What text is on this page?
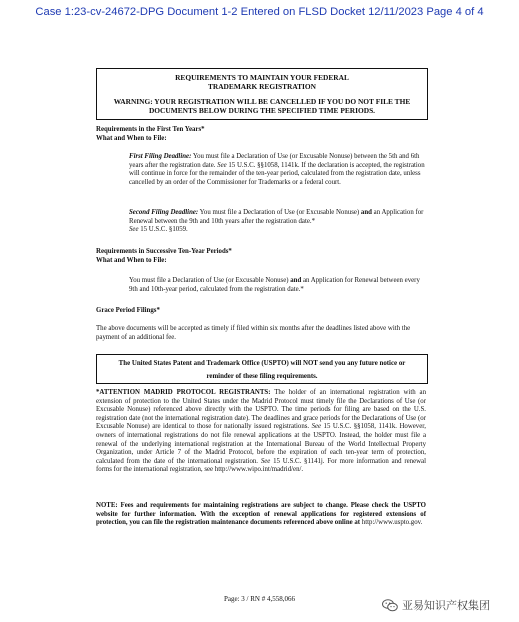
Case 1:23-cv-24672-DPG Document 1-2 Entered on FLSD Docket 12/11/2023 Page 4 of 4
REQUIREMENTS TO MAINTAIN YOUR FEDERAL
TRADEMARK REGISTRATION
WARNING: YOUR REGISTRATION WILL BE CANCELLED IF YOU DO NOT FILE THE
DOCUMENTS BELOW DURING THE SPECIFIED TIME PERIODS.
Requirements in the First Ten Years*
What and When to File:
First Filing Deadline: You must file a Declaration of Use (or Excusable Nonuse) between the 5th and 6th years after the registration date. See 15 U.S.C. §§1058, 1141k. If the declaration is accepted, the registration will continue in force for the remainder of the ten-year period, calculated from the registration date, unless cancelled by an order of the Commissioner for Trademarks or a federal court.
Second Filing Deadline: You must file a Declaration of Use (or Excusable Nonuse) and an Application for Renewal between the 9th and 10th years after the registration date.*
See 15 U.S.C. §1059.
Requirements in Successive Ten-Year Periods*
What and When to File:
You must file a Declaration of Use (or Excusable Nonuse) and an Application for Renewal between every 9th and 10th-year period, calculated from the registration date.*
Grace Period Filings*
The above documents will be accepted as timely if filed within six months after the deadlines listed above with the payment of an additional fee.
The United States Patent and Trademark Office (USPTO) will NOT send you any future notice or
reminder of these filing requirements.
*ATTENTION MADRID PROTOCOL REGISTRANTS: The holder of an international registration with an extension of protection to the United States under the Madrid Protocol must timely file the Declarations of Use (or Excusable Nonuse) referenced above directly with the USPTO. The time periods for filing are based on the U.S. registration date (not the international registration date). The deadlines and grace periods for the Declarations of Use (or Excusable Nonuse) are identical to those for nationally issued registrations. See 15 U.S.C. §§1058, 1141k. However, owners of international registrations do not file renewal applications at the USPTO. Instead, the holder must file a renewal of the underlying international registration at the International Bureau of the World Intellectual Property Organization, under Article 7 of the Madrid Protocol, before the expiration of each ten-year term of protection, calculated from the date of the international registration. See 15 U.S.C. §1141j. For more information and renewal forms for the international registration, see http://www.wipo.int/madrid/en/.
NOTE: Fees and requirements for maintaining registrations are subject to change. Please check the USPTO website for further information. With the exception of renewal applications for registered extensions of protection, you can file the registration maintenance documents referenced above online at http://www.uspto.gov.
Page: 3 / RN # 4,558,066	亚易知识产权集团
